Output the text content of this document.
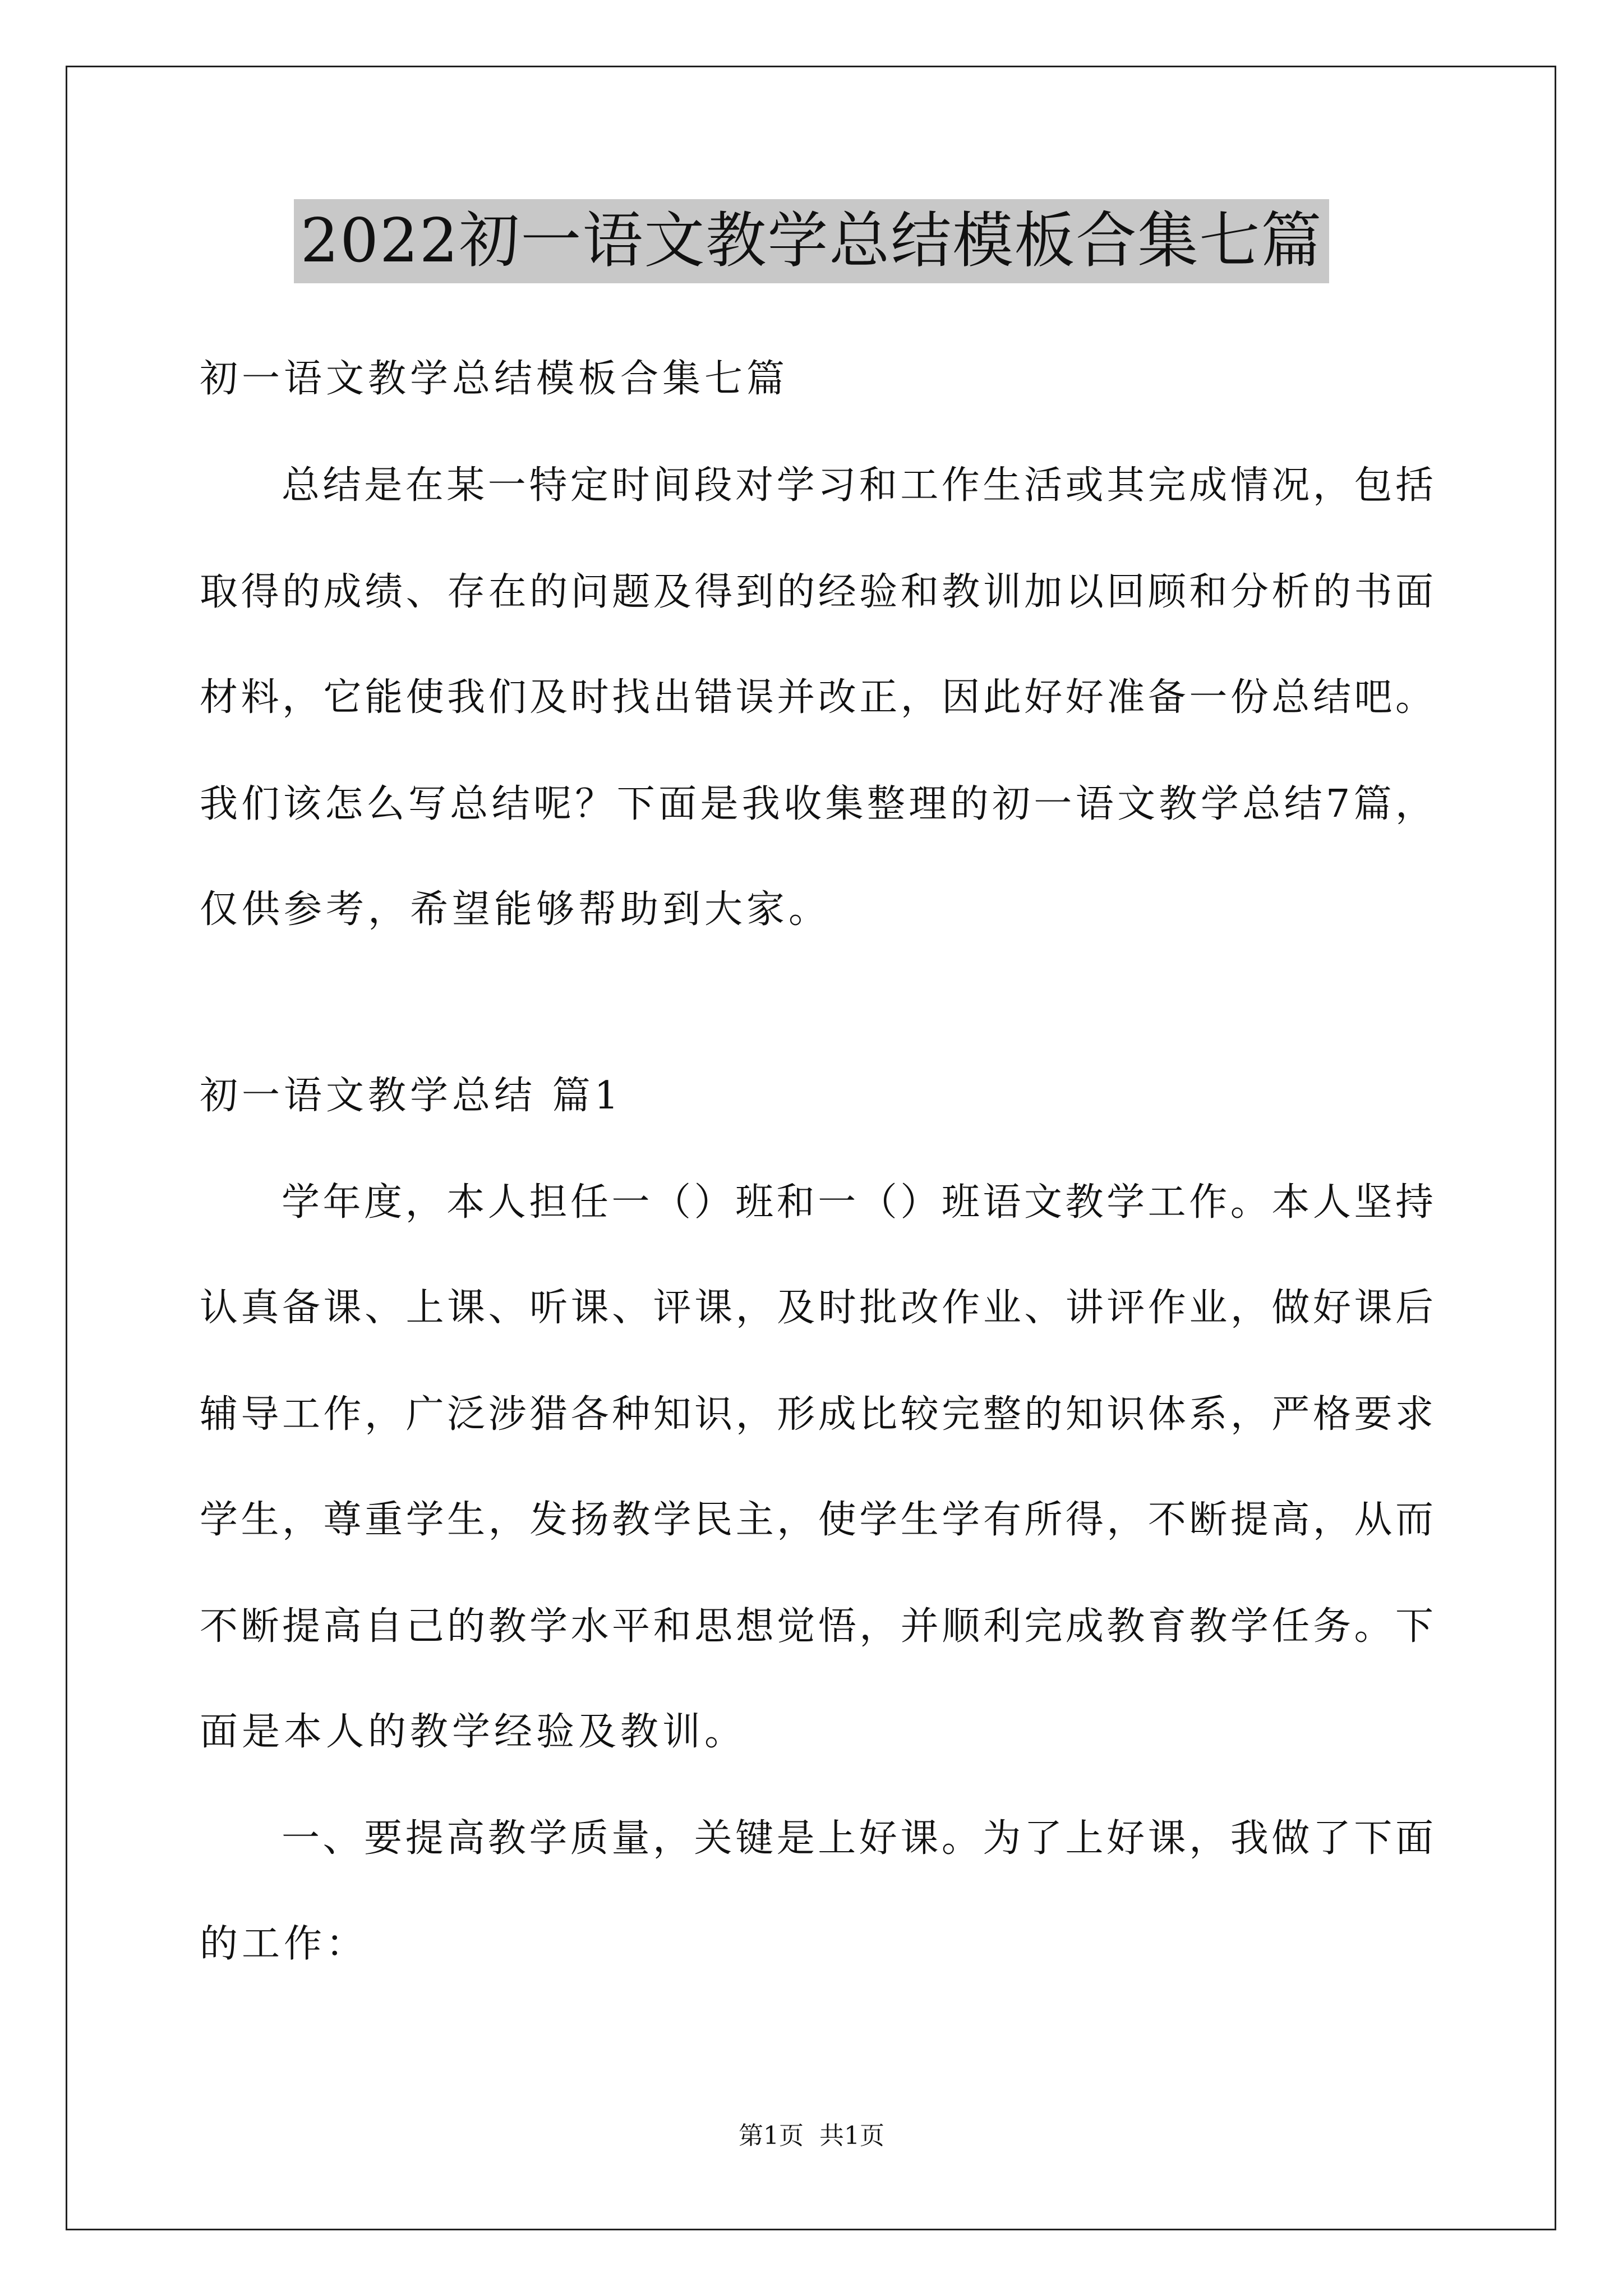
2022初一语文教学总结模板合集七篇
初一语文教学总结模板合集七篇
总结是在某一特定时间段对学习和工作生活或其完成情况，包括
取得的成绩、存在的问题及得到的经验和教训加以回顾和分析的书面
材料，它能使我们及时找出错误并改正，因此好好准备一份总结吧。
我们该怎么写总结呢？下面是我收集整理的初一语文教学总结7篇，
仅供参考，希望能够帮助到大家。
初一语文教学总结 篇1
学年度，本人担任一（）班和一（）班语文教学工作。本人坚持
认真备课、上课、听课、评课，及时批改作业、讲评作业，做好课后
辅导工作，广泛涉猎各种知识，形成比较完整的知识体系，严格要求
学生，尊重学生，发扬教学民主，使学生学有所得，不断提高，从而
不断提高自己的教学水平和思想觉悟，并顺利完成教育教学任务。下
面是本人的教学经验及教训。
一、要提高教学质量，关键是上好课。为了上好课，我做了下面
的工作：
第1页 共1页
